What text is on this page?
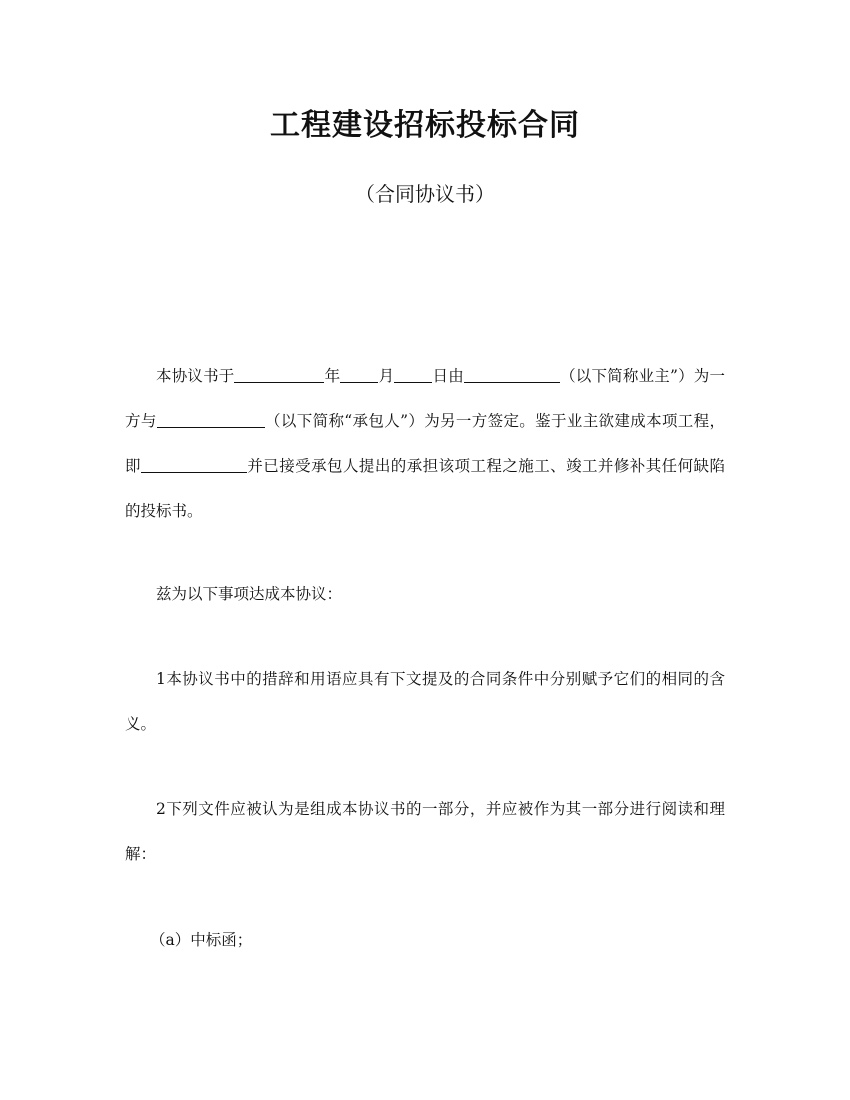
工程建设招标投标合同
（合同协议书）

本协议书于	年 月 日由	（以下简称业主”）为一方与	（以下简称“承包人”）为另一方签定。鉴于业主欲建成本项工程，即	并已接受承包人提出的承担该项工程之施工、竣工并修补其任何缺陷的投标书。

兹为以下事项达成本协议：

1本协议书中的措辞和用语应具有下文提及的合同条件中分别赋予它们的相同的含义。

2下列文件应被认为是组成本协议书的一部分，并应被作为其一部分进行阅读和理解：

（a）中标函；
